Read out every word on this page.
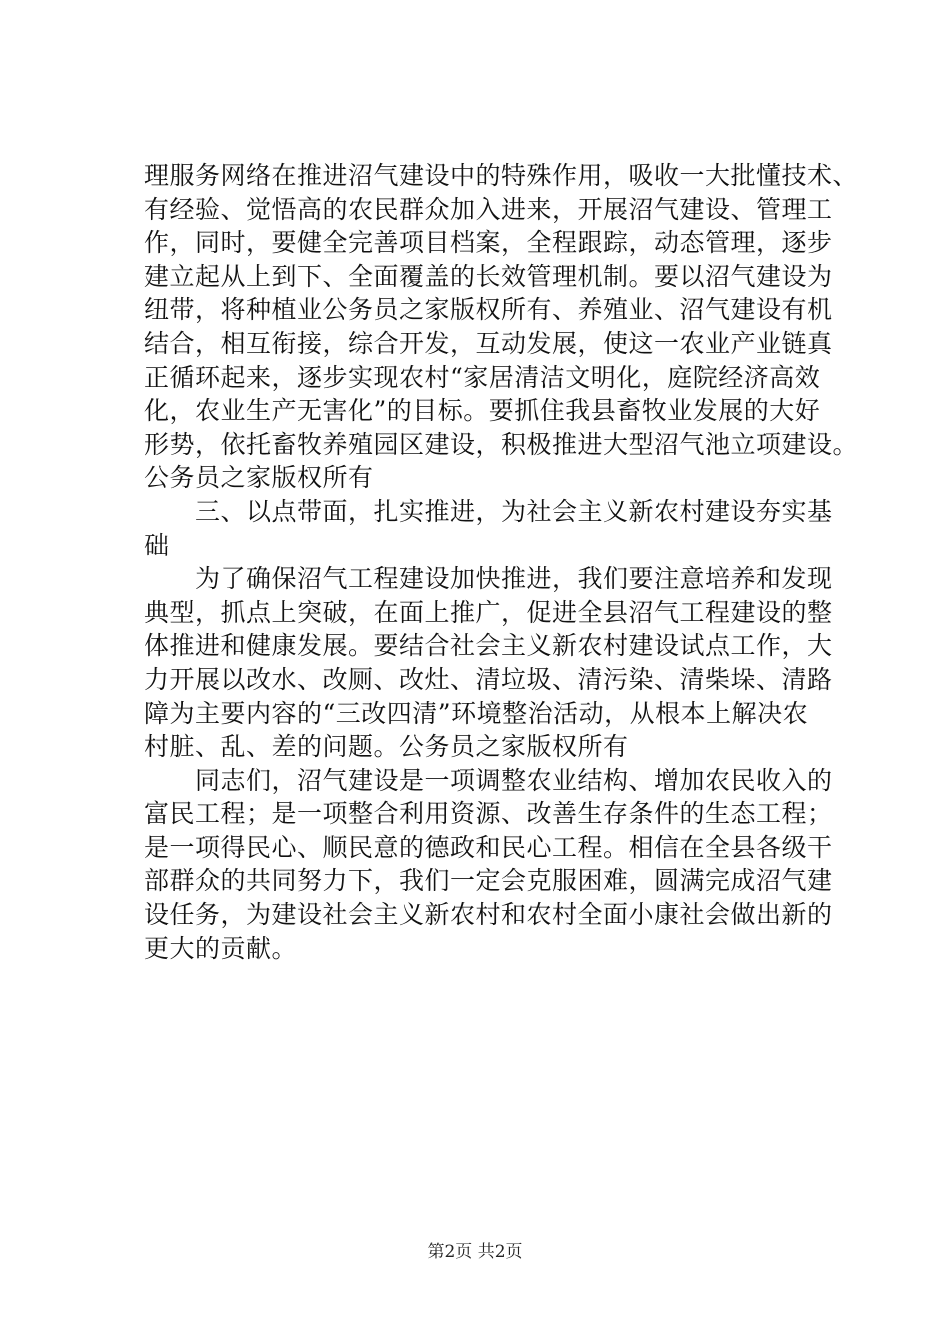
理服务网络在推进沼气建设中的特殊作用，吸收一大批懂技术、
有经验、觉悟高的农民群众加入进来，开展沼气建设、管理工
作，同时，要健全完善项目档案，全程跟踪，动态管理，逐步
建立起从上到下、全面覆盖的长效管理机制。要以沼气建设为
纽带，将种植业公务员之家版权所有、养殖业、沼气建设有机
结合，相互衔接，综合开发，互动发展，使这一农业产业链真
正循环起来，逐步实现农村“家居清洁文明化，庭院经济高效
化，农业生产无害化”的目标。要抓住我县畜牧业发展的大好
形势，依托畜牧养殖园区建设，积极推进大型沼气池立项建设。
公务员之家版权所有
　　三、以点带面，扎实推进，为社会主义新农村建设夯实基
础
　　为了确保沼气工程建设加快推进，我们要注意培养和发现
典型，抓点上突破，在面上推广，促进全县沼气工程建设的整
体推进和健康发展。要结合社会主义新农村建设试点工作，大
力开展以改水、改厕、改灶、清垃圾、清污染、清柴垛、清路
障为主要内容的“三改四清”环境整治活动，从根本上解决农
村脏、乱、差的问题。公务员之家版权所有
　　同志们，沼气建设是一项调整农业结构、增加农民收入的
富民工程；是一项整合利用资源、改善生存条件的生态工程；
是一项得民心、顺民意的德政和民心工程。相信在全县各级干
部群众的共同努力下，我们一定会克服困难，圆满完成沼气建
设任务，为建设社会主义新农村和农村全面小康社会做出新的
更大的贡献。
第2页 共2页
